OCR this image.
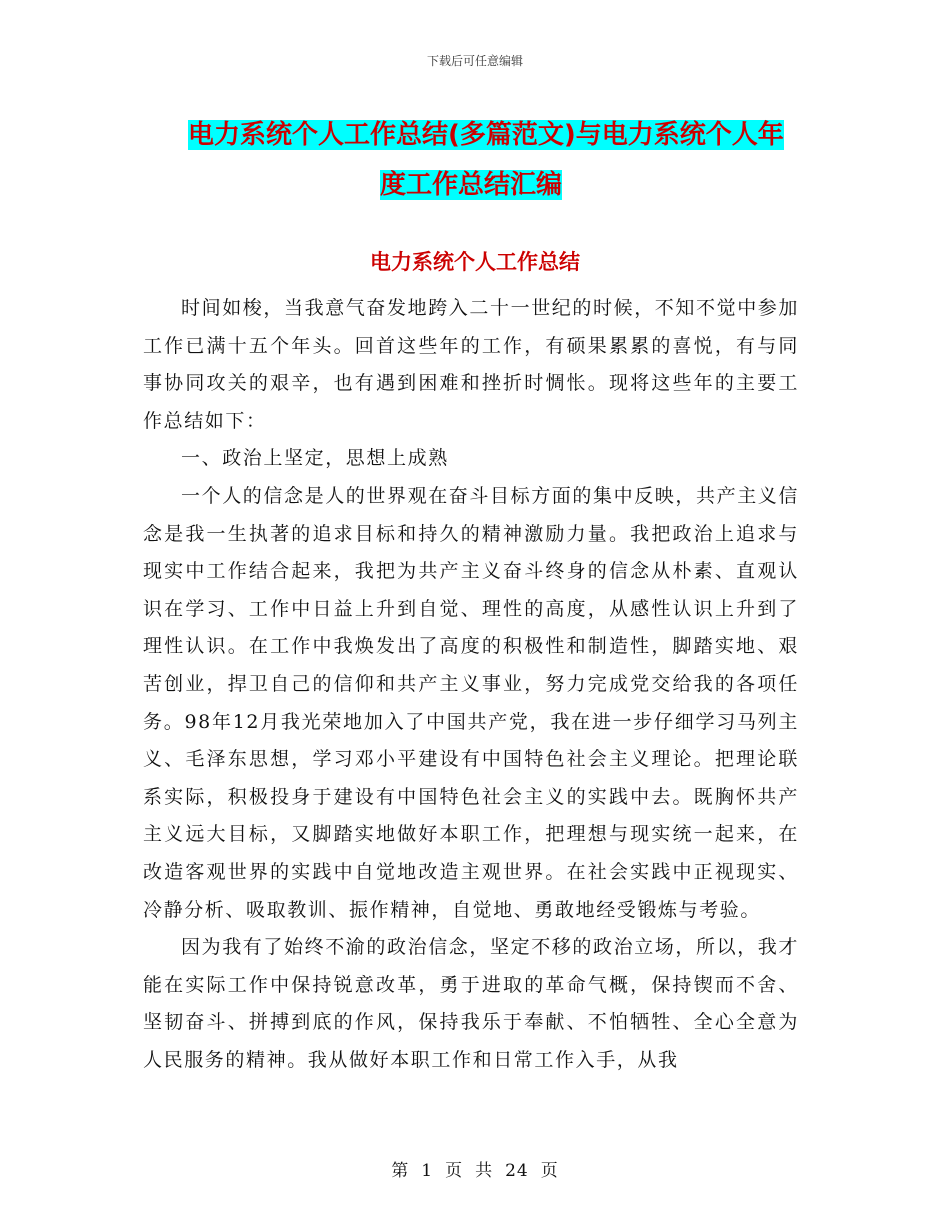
下载后可任意编辑
电力系统个人工作总结(多篇范文)与电力系统个人年
度工作总结汇编
电力系统个人工作总结

时间如梭，当我意气奋发地跨入二十一世纪的时候，不知不觉中参加工作已满十五个年头。回首这些年的工作，有硕果累累的喜悦，有与同事协同攻关的艰辛，也有遇到困难和挫折时惆怅。现将这些年的主要工作总结如下：

一、政治上坚定，思想上成熟

一个人的信念是人的世界观在奋斗目标方面的集中反映，共产主义信念是我一生执著的追求目标和持久的精神激励力量。我把政治上追求与现实中工作结合起来，我把为共产主义奋斗终身的信念从朴素、直观认识在学习、工作中日益上升到自觉、理性的高度，从感性认识上升到了理性认识。在工作中我焕发出了高度的积极性和制造性，脚踏实地、艰苦创业，捍卫自己的信仰和共产主义事业，努力完成党交给我的各项任务。98年12月我光荣地加入了中国共产党，我在进一步仔细学习马列主义、毛泽东思想，学习邓小平建设有中国特色社会主义理论。把理论联系实际，积极投身于建设有中国特色社会主义的实践中去。既胸怀共产主义远大目标，又脚踏实地做好本职工作，把理想与现实统一起来，在改造客观世界的实践中自觉地改造主观世界。在社会实践中正视现实、冷静分析、吸取教训、振作精神，自觉地、勇敢地经受锻炼与考验。

因为我有了始终不渝的政治信念，坚定不移的政治立场，所以，我才能在实际工作中保持锐意改革，勇于进取的革命气概，保持锲而不舍、坚韧奋斗、拼搏到底的作风，保持我乐于奉献、不怕牺牲、全心全意为人民服务的精神。我从做好本职工作和日常工作入手，从我

第 1 页 共 24 页
